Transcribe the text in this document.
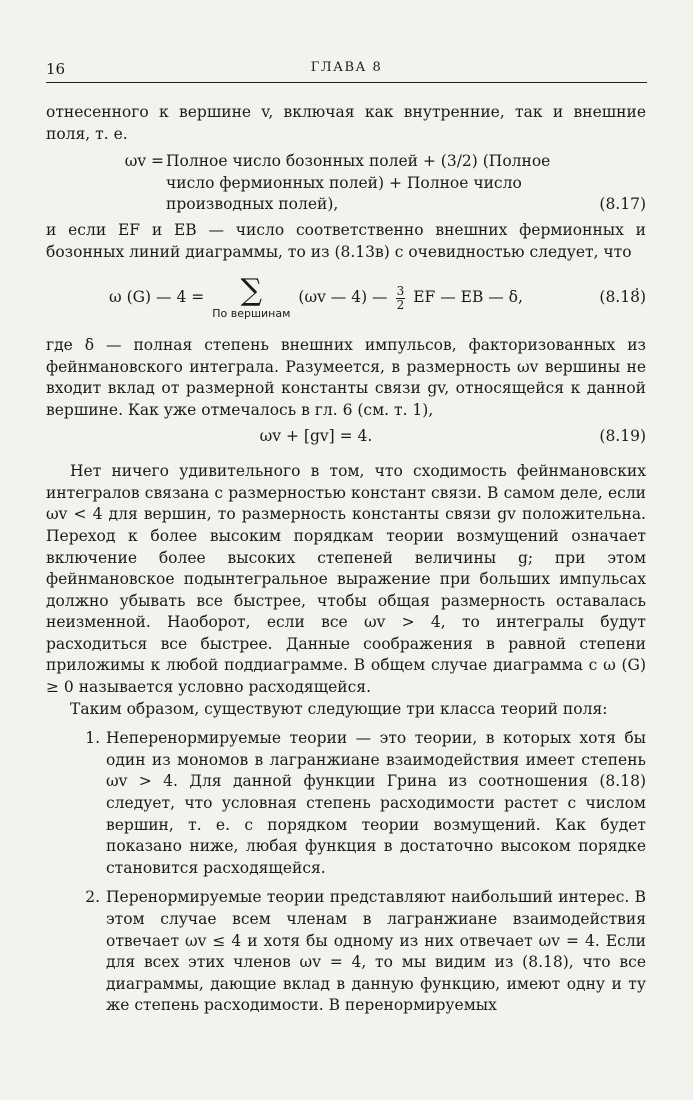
16	ГЛАВА 8

отнесенного к вершине v, включая как внутренние, так и внешние поля, т. е.

ωv = Полное число бозонных полей + (3/2) (Полное
число фермионных полей) + Полное число
производных полей),	(8.17)

и если EF и EB — число соответственно внешних фермионных и бозонных линий диаграммы, то из (8.13в) с очевидностью следует, что

ω (G) — 4 = ∑
По вершинам
(ωv — 4) — $\frac{3}{2}$ EF — EB — δ,	(8.18)

где δ — полная степень внешних импульсов, факторизованных из фейнмановского интеграла. Разумеется, в размерность ωv вершины не входит вклад от размерной константы связи gv, относящейся к данной вершине. Как уже отмечалось в гл. 6 (см. т. 1),

ωv + [gv] = 4.	(8.19)

Нет ничего удивительного в том, что сходимость фейнмановских интегралов связана с размерностью констант связи. В самом деле, если ωv < 4 для вершин, то размерность константы связи gv положительна. Переход к более высоким порядкам теории возмущений означает включение более высоких степеней величины g; при этом фейнмановское подынтегральное выражение при больших импульсах должно убывать все быстрее, чтобы общая размерность оставалась неизменной. Наоборот, если все ωv > 4, то интегралы будут расходиться все быстрее. Данные соображения в равной степени приложимы к любой поддиаграмме. В общем случае диаграмма с ω (G) ≥ 0 называется условно расходящейся.

Таким образом, существуют следующие три класса теорий поля:

1. Неперенормируемые теории — это теории, в которых хотя бы один из мономов в лагранжиане взаимодействия имеет степень ωv > 4. Для данной функции Грина из соотношения (8.18) следует, что условная степень расходимости растет с числом вершин, т. е. с порядком теории возмущений. Как будет показано ниже, любая функция в достаточно высоком порядке становится расходящейся.
2. Перенормируемые теории представляют наибольший интерес. В этом случае всем членам в лагранжиане взаимодействия отвечает ωv ≤ 4 и хотя бы одному из них отвечает ωv = 4. Если для всех этих членов ωv = 4, то мы видим из (8.18), что все диаграммы, дающие вклад в данную функцию, имеют одну и ту же степень расходимости. В перенормируемых
